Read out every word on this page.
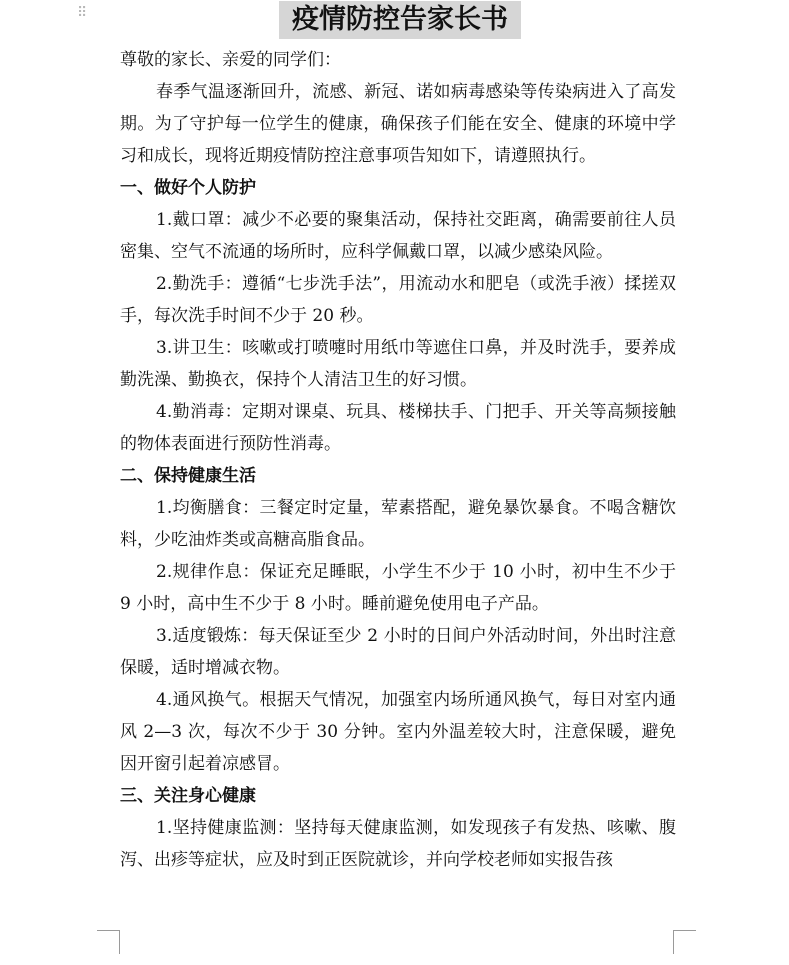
⠿	疫情防控告家长书

尊敬的家长、亲爱的同学们：

春季气温逐渐回升，流感、新冠、诺如病毒感染等传染病进入了高发期。为了守护每一位学生的健康，确保孩子们能在安全、健康的环境中学习和成长，现将近期疫情防控注意事项告知如下，请遵照执行。

一、做好个人防护

1.戴口罩：减少不必要的聚集活动，保持社交距离，确需要前往人员密集、空气不流通的场所时，应科学佩戴口罩，以减少感染风险。

2.勤洗手：遵循“七步洗手法”，用流动水和肥皂（或洗手液）揉搓双手，每次洗手时间不少于 20 秒。

3.讲卫生：咳嗽或打喷嚏时用纸巾等遮住口鼻，并及时洗手，要养成勤洗澡、勤换衣，保持个人清洁卫生的好习惯。

4.勤消毒：定期对课桌、玩具、楼梯扶手、门把手、开关等高频接触的物体表面进行预防性消毒。

二、保持健康生活

1.均衡膳食：三餐定时定量，荤素搭配，避免暴饮暴食。不喝含糖饮料，少吃油炸类或高糖高脂食品。

2.规律作息：保证充足睡眠，小学生不少于 10 小时，初中生不少于 9 小时，高中生不少于 8 小时。睡前避免使用电子产品。

3.适度锻炼：每天保证至少 2 小时的日间户外活动时间，外出时注意保暖，适时增减衣物。

4.通风换气。根据天气情况，加强室内场所通风换气，每日对室内通风 2—3 次，每次不少于 30 分钟。室内外温差较大时，注意保暖，避免因开窗引起着凉感冒。

三、关注身心健康

1.坚持健康监测：坚持每天健康监测，如发现孩子有发热、咳嗽、腹泻、出疹等症状，应及时到正医院就诊，并向学校老师如实报告孩
